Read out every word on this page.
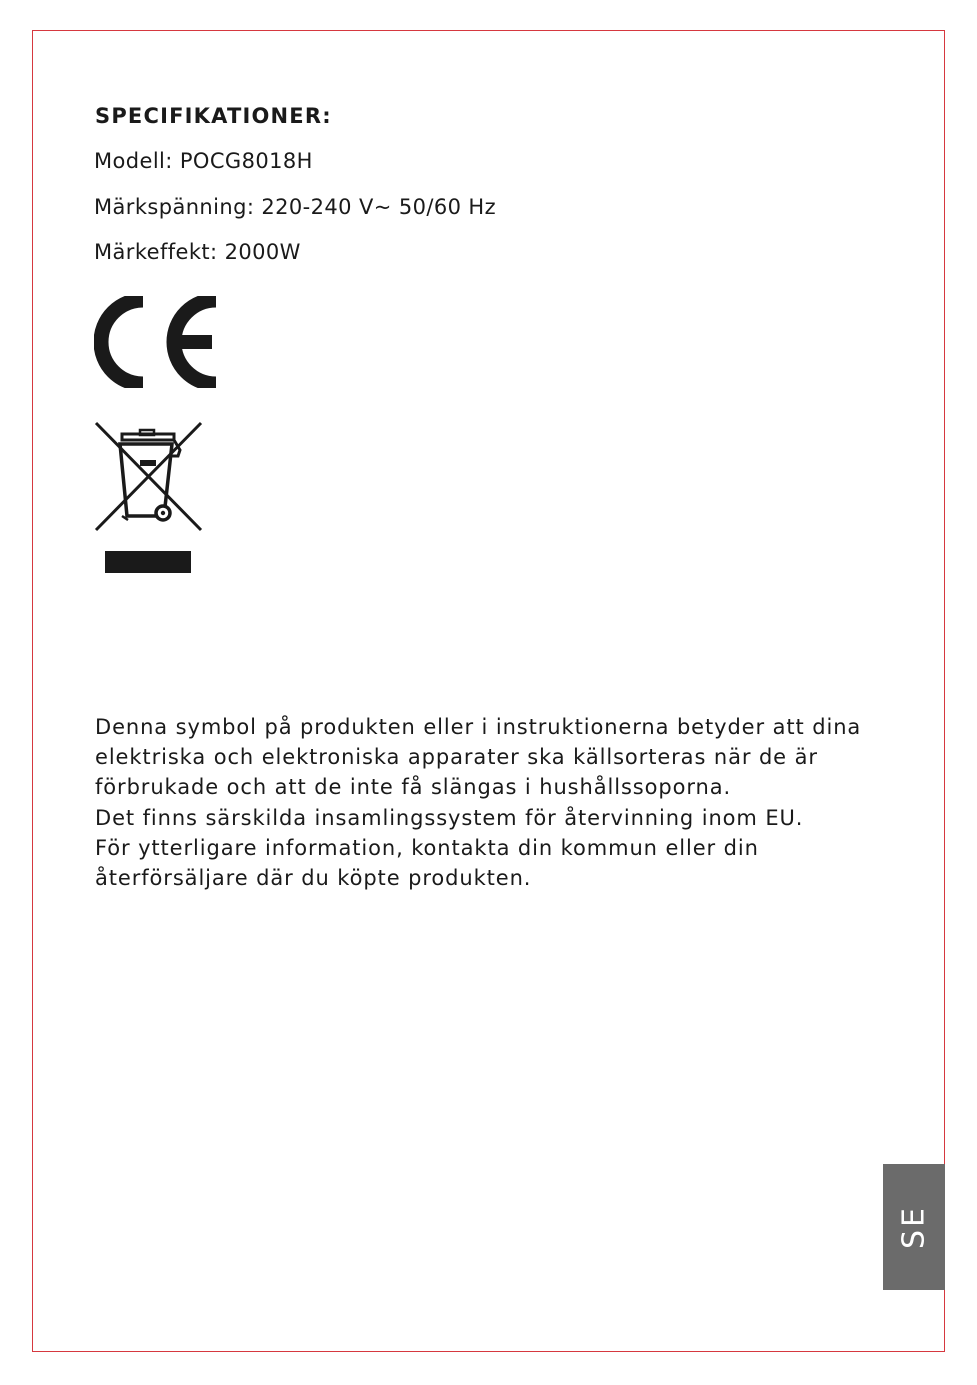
SPECIFIKATIONER:

Modell: POCG8018H

Märkspänning: 220-240 V~ 50/60 Hz

Märkeffekt: 2000W

Denna symbol på produkten eller i instruktionerna betyder att dina
elektriska och elektroniska apparater ska källsorteras när de är
förbrukade och att de inte få slängas i hushållssoporna.
Det finns särskilda insamlingssystem för återvinning inom EU.
För ytterligare information, kontakta din kommun eller din
återförsäljare där du köpte produkten.

SE
